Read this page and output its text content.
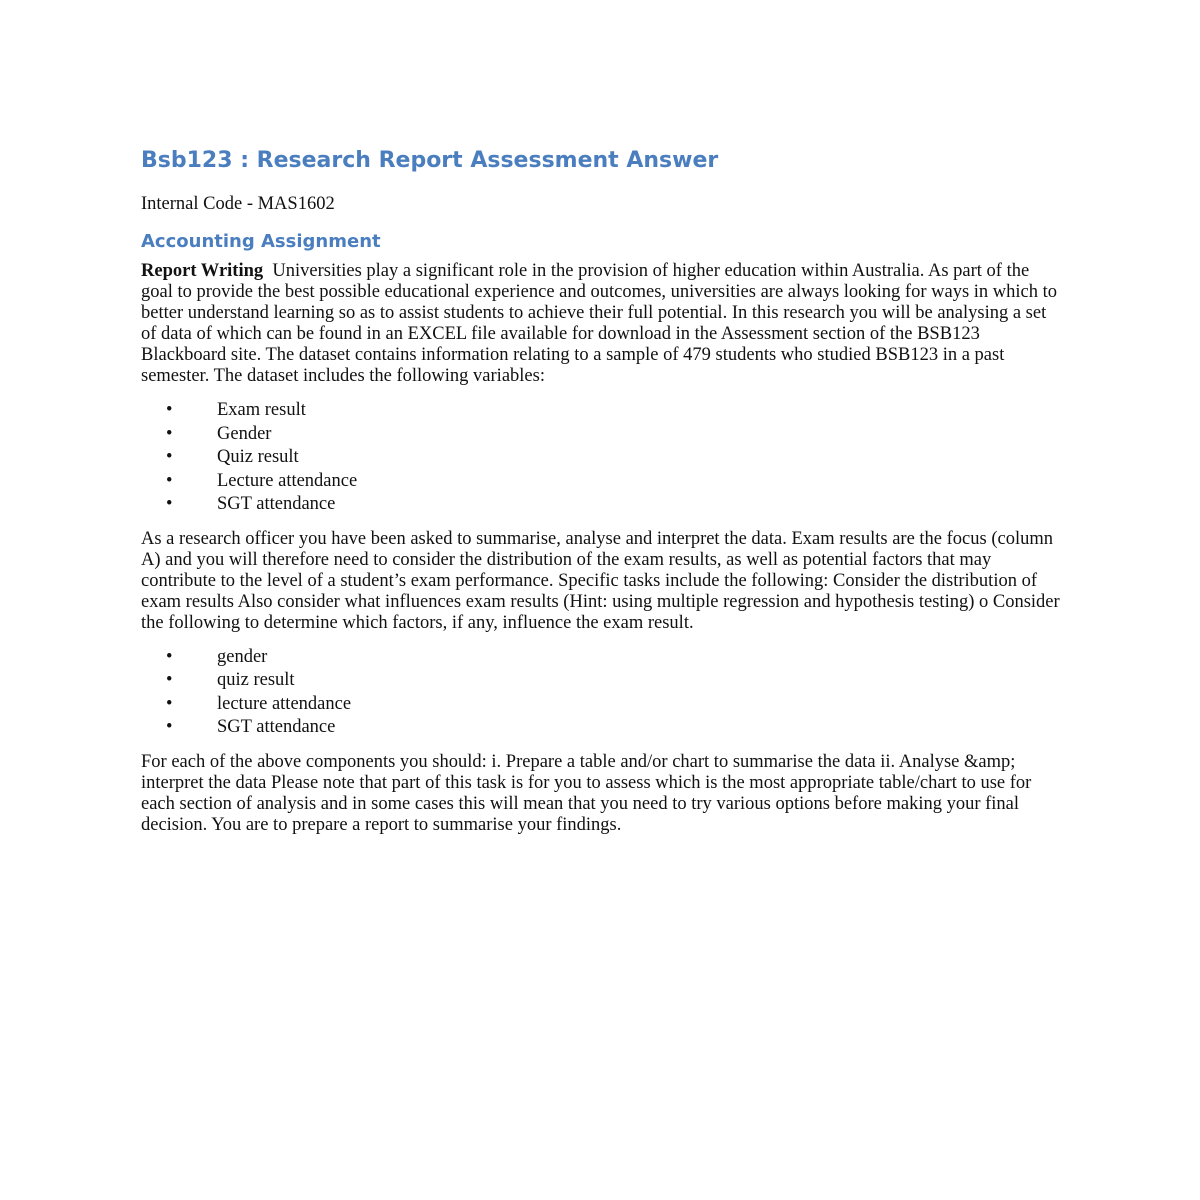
Bsb123 : Research Report Assessment Answer
Internal Code - MAS1602
Accounting Assignment

Report Writing  Universities play a significant role in the provision of higher education within Australia. As part of the goal to provide the best possible educational experience and outcomes, universities are always looking for ways in which to better understand learning so as to assist students to achieve their full potential. In this research you will be analysing a set of data of which can be found in an EXCEL file available for download in the Assessment section of the BSB123 Blackboard site. The dataset contains information relating to a sample of 479 students who studied BSB123 in a past semester. The dataset includes the following variables:

• Exam result
• Gender
• Quiz result
• Lecture attendance
• SGT attendance

As a research officer you have been asked to summarise, analyse and interpret the data. Exam results are the focus (column A) and you will therefore need to consider the distribution of the exam results, as well as potential factors that may contribute to the level of a student’s exam performance. Specific tasks include the following: Consider the distribution of exam results Also consider what influences exam results (Hint: using multiple regression and hypothesis testing) o Consider the following to determine which factors, if any, influence the exam result.

• gender
• quiz result
• lecture attendance
• SGT attendance

For each of the above components you should: i. Prepare a table and/or chart to summarise the data ii. Analyse &amp; interpret the data Please note that part of this task is for you to assess which is the most appropriate table/chart to use for each section of analysis and in some cases this will mean that you need to try various options before making your final decision. You are to prepare a report to summarise your findings.
